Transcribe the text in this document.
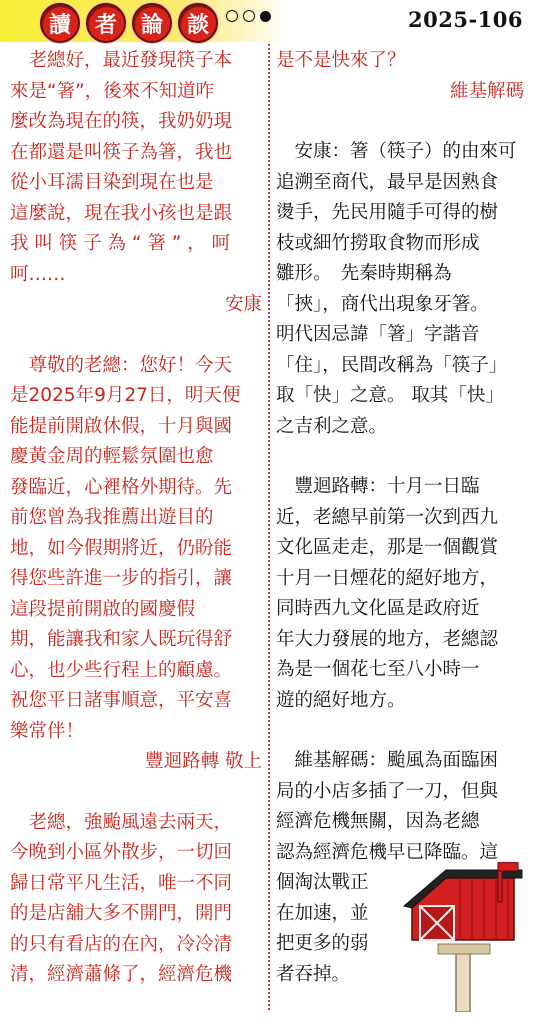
讀	者	論	談	2025-106
　老總好，最近發現筷子本
來是“箸”，後來不知道咋
麼改為現在的筷，我奶奶現
在都還是叫筷子為箸，我也
從小耳濡目染到現在也是
這麼說，現在我小孩也是跟
我 叫 筷 子 為 “ 箸 ” ， 呵
呵……
安康
　尊敬的老總：您好！今天
是2025年9月27日，明天便
能提前開啟休假，十月與國
慶黃金周的輕鬆氛圍也愈
發臨近，心裡格外期待。先
前您曾為我推薦出遊目的
地，如今假期將近，仍盼能
得您些許進一步的指引，讓
這段提前開啟的國慶假
期，能讓我和家人既玩得舒
心，也少些行程上的顧慮。
祝您平日諸事順意，平安喜
樂常伴！
豐迴路轉 敬上
　老總，強颱風遠去兩天，
今晚到小區外散步，一切回
歸日常平凡生活，唯一不同
的是店舖大多不開門，開門
的只有看店的在內，冷冷清
清，經濟蕭條了，經濟危機
是不是快來了？
維基解碼
　安康：箸（筷子）的由來可
追溯至商代，最早是因熟食
燙手，先民用隨手可得的樹
枝或細竹撈取食物而形成
雛形。　先秦時期稱為
「挾」，商代出現象牙箸。
明代因忌諱「箸」字諧音
「住」，民間改稱為「筷子」
取「快」之意。 取其「快」
之吉利之意。
　豐迴路轉：十月一日臨
近，老總早前第一次到西九
文化區走走，那是一個觀賞
十月一日煙花的絕好地方，
同時西九文化區是政府近
年大力發展的地方，老總認
為是一個花七至八小時一
遊的絕好地方。
　維基解碼：颱風為面臨困
局的小店多插了一刀，但與
經濟危機無關，因為老總
認為經濟危機早已降臨。這
個淘汰戰正
在加速，並
把更多的弱
者吞掉。
